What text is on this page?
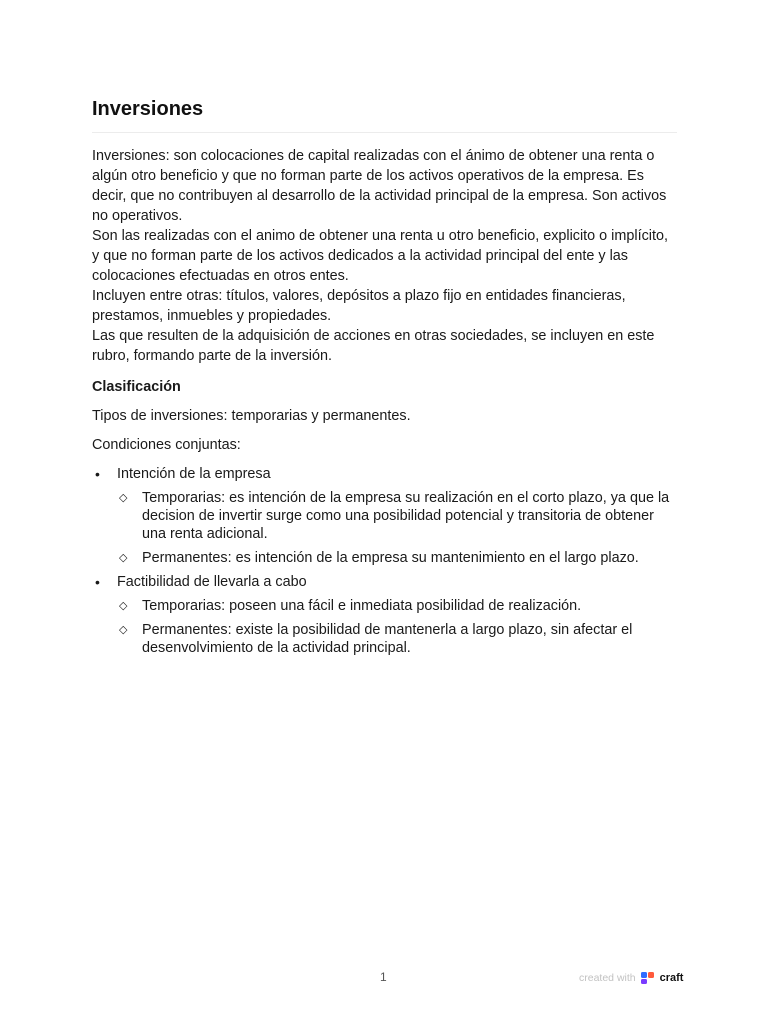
Inversiones

Inversiones: son colocaciones de capital realizadas con el ánimo de obtener una renta o algún otro beneficio y que no forman parte de los activos operativos de la empresa. Es decir, que no contribuyen al desarrollo de la actividad principal de la empresa. Son activos no operativos.

Son las realizadas con el animo de obtener una renta u otro beneficio, explicito o implícito, y que no forman parte de los activos dedicados a la actividad principal del ente y las colocaciones efectuadas en otros entes.

Incluyen entre otras: títulos, valores, depósitos a plazo fijo en entidades financieras, prestamos, inmuebles y propiedades.

Las que resulten de la adquisición de acciones en otras sociedades, se incluyen en este rubro, formando parte de la inversión.

Clasificación

Tipos de inversiones: temporarias y permanentes.

Condiciones conjuntas:

• Intención de la empresa
◇ Temporarias: es intención de la empresa su realización en el corto plazo, ya que la decision de invertir surge como una posibilidad potencial y transitoria de obtener una renta adicional.
◇ Permanentes: es intención de la empresa su mantenimiento en el largo plazo.
• Factibilidad de llevarla a cabo
◇ Temporarias: poseen una fácil e inmediata posibilidad de realización.
◇ Permanentes: existe la posibilidad de mantenerla a largo plazo, sin afectar el desenvolvimiento de la actividad principal.
1	created with craft
